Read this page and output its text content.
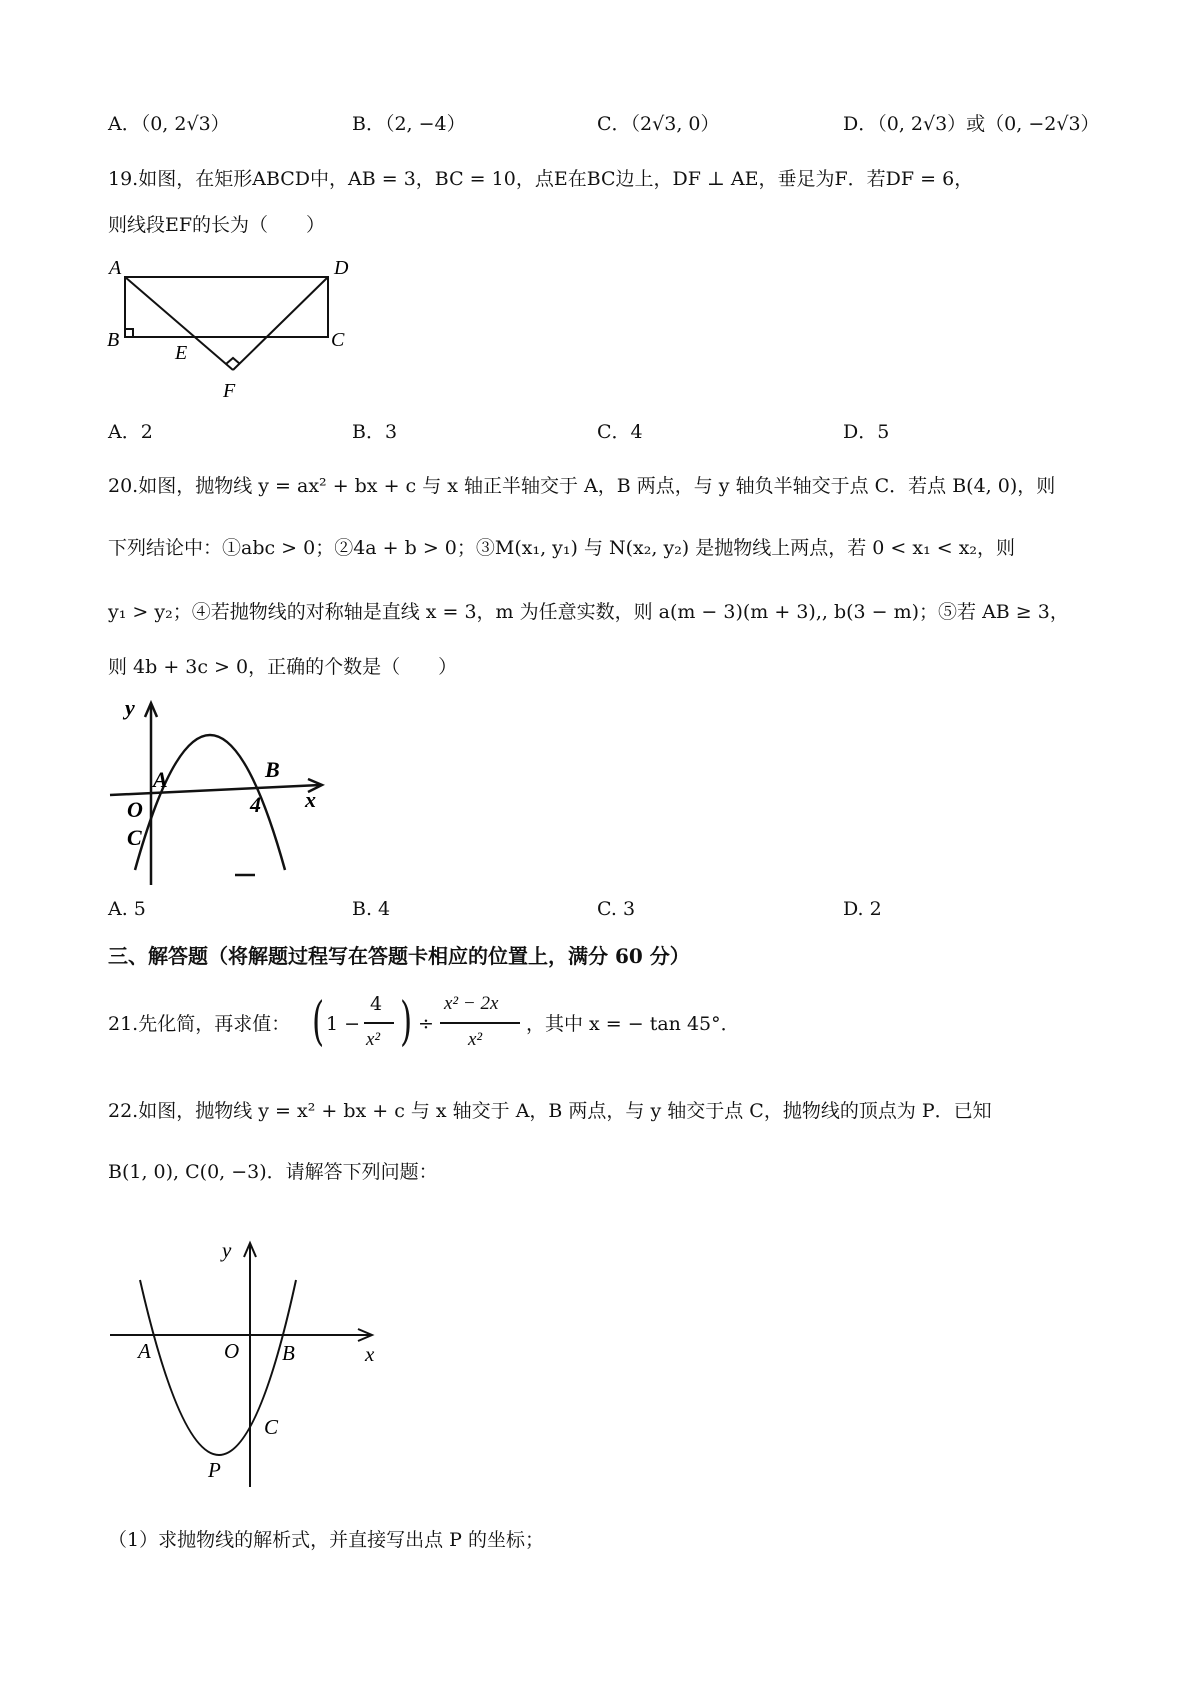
A．（0, 2√3）	B．（2, −4）	C．（2√3, 0）	D．（0, 2√3）或（0, −2√3）
19.如图，在矩形ABCD中，AB = 3，BC = 10，点E在BC边上，DF ⊥ AE，垂足为F．若DF = 6，
则线段EF的长为（　　）
A	D
B	C
E
F
A．2	B．3	C．4	D．5
20.如图，抛物线 y = ax² + bx + c 与 x 轴正半轴交于 A，B 两点，与 y 轴负半轴交于点 C．若点 B(4, 0)，则
下列结论中：①abc > 0；②4a + b > 0；③M(x₁, y₁) 与 N(x₂, y₂) 是抛物线上两点，若 0 < x₁ < x₂，则
y₁ > y₂；④若抛物线的对称轴是直线 x = 3，m 为任意实数，则 a(m − 3)(m + 3),, b(3 − m)；⑤若 AB ≥ 3，
则 4b + 3c > 0，正确的个数是（　　）
y
x
A	B
O	4
C
A. 5	B. 4	C. 3	D. 2
三、解答题（将解题过程写在答题卡相应的位置上，满分 60 分）
21.先化简，再求值： ( 1 −
4
x² ) ÷
x² − 2x
x²
，其中 x = − tan 45°．
22.如图，抛物线 y = x² + bx + c 与 x 轴交于 A，B 两点，与 y 轴交于点 C，抛物线的顶点为 P．已知
B(1, 0), C(0, −3)．请解答下列问题：
y
x
A	O B
C
P
（1）求抛物线的解析式，并直接写出点 P 的坐标；
